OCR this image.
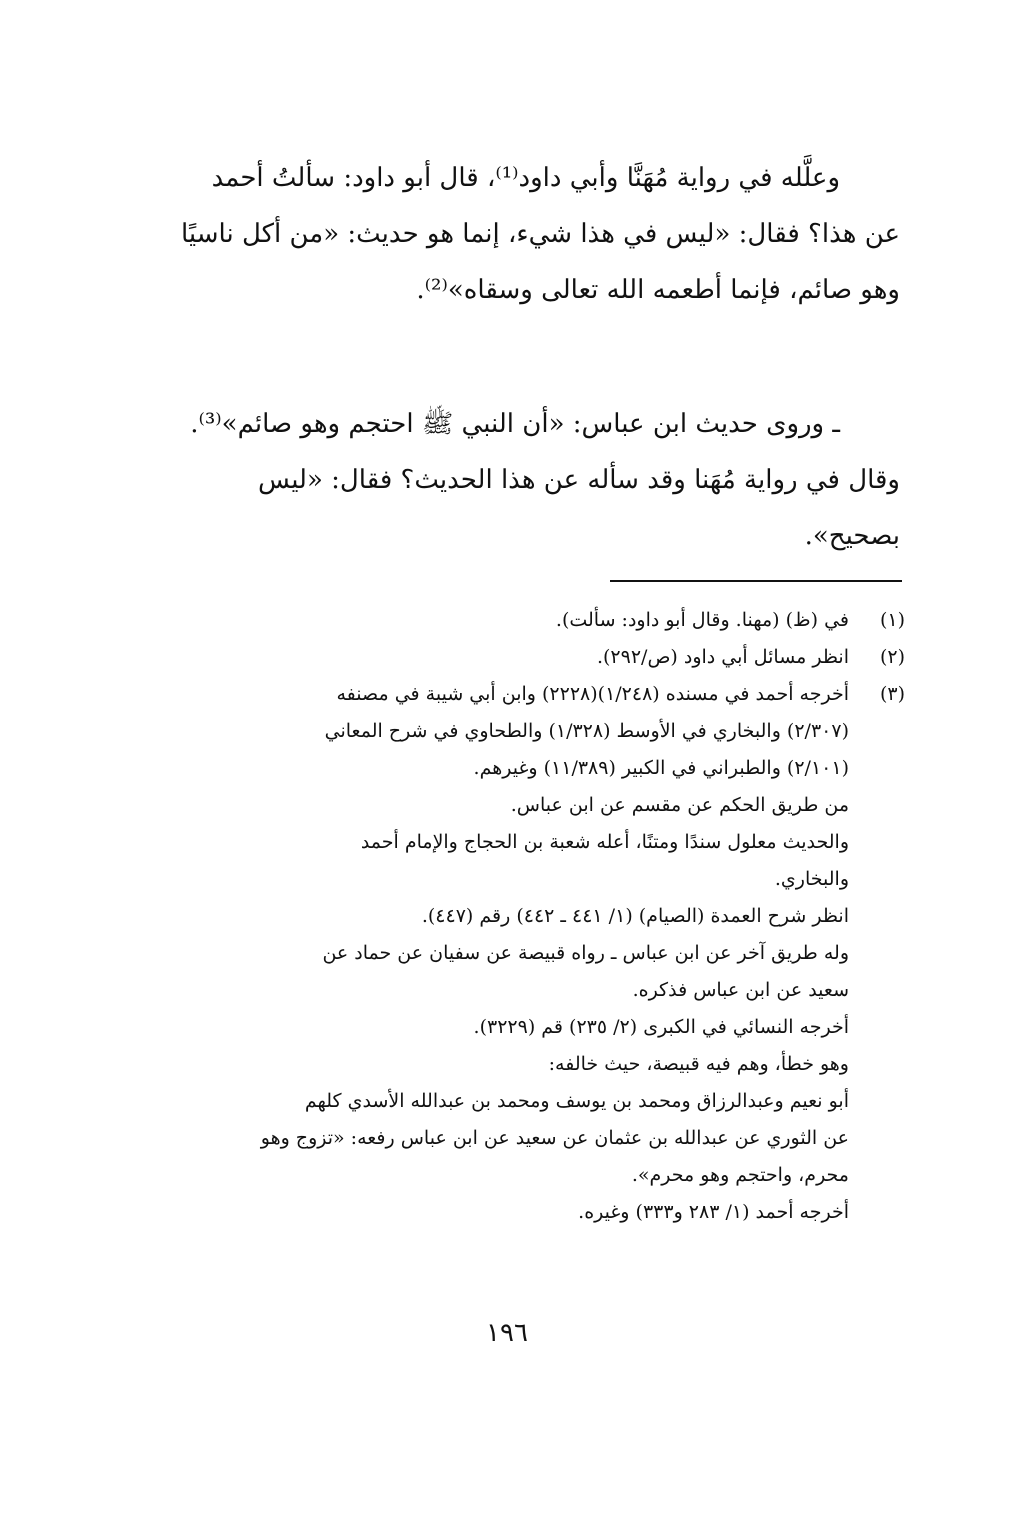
وعلَّله في رواية مُهَنَّا وأبي داود⁽¹⁾، قال أبو داود: سألتُ أحمد
عن هذا؟ فقال: «ليس في هذا شيء، إنما هو حديث: «من أكل ناسيًا
وهو صائم، فإنما أطعمه الله تعالى وسقاه»⁽²⁾.
ـ وروى حديث ابن عباس: «أن النبي ﷺ احتجم وهو صائم»⁽³⁾.
وقال في رواية مُهَنا وقد سأله عن هذا الحديث؟ فقال: «ليس
بصحيح».
(١)في (ظ) (مهنا. وقال أبو داود: سألت).
(٢)انظر مسائل أبي داود (ص/٢٩٢).
(٣)أخرجه أحمد في مسنده (١/٢٤٨)(٢٢٢٨) وابن أبي شيبة في مصنفه
(٢/٣٠٧) والبخاري في الأوسط (١/٣٢٨) والطحاوي في شرح المعاني
(٢/١٠١) والطبراني في الكبير (١١/٣٨٩) وغيرهم.
من طريق الحكم عن مقسم عن ابن عباس.
والحديث معلول سندًا ومتنًا، أعله شعبة بن الحجاج والإمام أحمد
والبخاري.
انظر شرح العمدة (الصيام) (١/ ٤٤١ ـ ٤٤٢) رقم (٤٤٧).
وله طريق آخر عن ابن عباس ـ رواه قبيصة عن سفيان عن حماد عن
سعيد عن ابن عباس فذكره.
أخرجه النسائي في الكبرى (٢/ ٢٣٥) قم (٣٢٢٩).
وهو خطأ، وهم فيه قبيصة، حيث خالفه:
أبو نعيم وعبدالرزاق ومحمد بن يوسف ومحمد بن عبدالله الأسدي كلهم
عن الثوري عن عبدالله بن عثمان عن سعيد عن ابن عباس رفعه: «تزوج وهو
محرم، واحتجم وهو محرم».
أخرجه أحمد (١/ ٢٨٣ و٣٣٣) وغيره.
١٩٦
